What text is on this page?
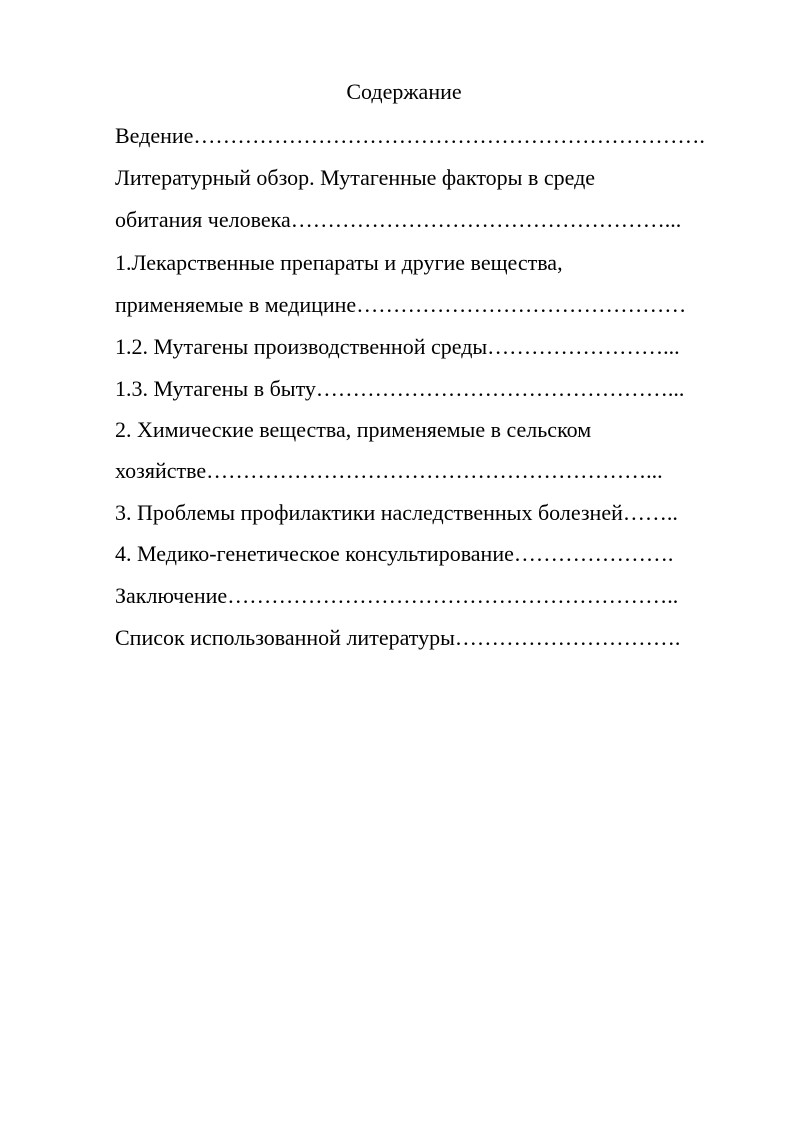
Содержание
Ведение…………………………………………………………….
Литературный обзор. Мутагенные факторы в среде
обитания человека……………………………………………...
1.Лекарственные препараты и другие вещества,
применяемые в медицине………………………………………
1.2. Мутагены производственной среды……………………...
1.3. Мутагены в быту…………………………………………...
2. Химические вещества, применяемые в сельском
хозяйстве……………………………………………………...
3. Проблемы профилактики наследственных болезней……..
4. Медико-генетическое консультирование………………….
Заключение……………………………………………………..
Список использованной литературы………………………….
